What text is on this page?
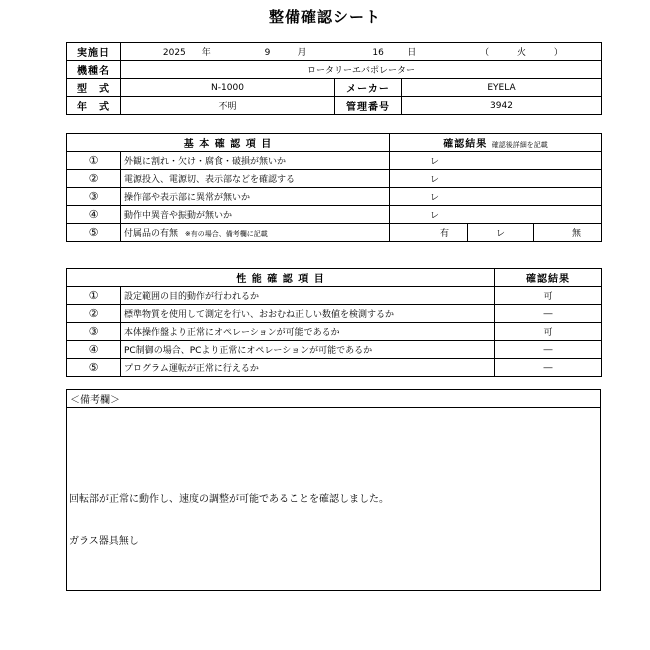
整備確認シート
実施日	2025 年 9 月 16 日 （ 火 ）		
機種名	ロータリーエバポレーター		
型　式	N-1000	メーカー	EYELA
年　式	不明	管理番号	3942
基 本 確 認 項 目		確認結果 確認後詳細を記載		
①	外観に割れ・欠け・腐食・破損が無いか	レ		
②	電源投入、電源切、表示部などを確認する	レ		
③	操作部や表示部に異常が無いか	レ		
④	動作中異音や振動が無いか	レ		
⑤	付属品の有無 ※有の場合、備考欄に記載	有	レ	無
性 能 確 認 項 目		確認結果
①	設定範囲の目的動作が行われるか	可
②	標準物質を使用して測定を行い、おおむね正しい数値を検測するか	―
③	本体操作盤より正常にオペレーションが可能であるか	可
④	PC制御の場合、PCより正常にオペレーションが可能であるか	―
⑤	プログラム運転が正常に行えるか	―
＜備考欄＞

回転部が正常に動作し、速度の調整が可能であることを確認しました。
ガラス器具無し
